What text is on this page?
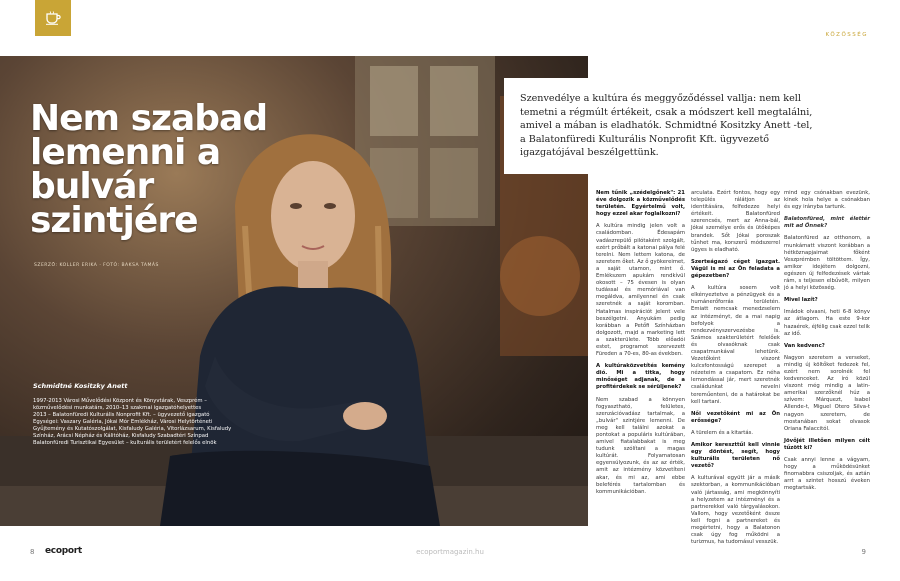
KÖZÖSSÉG
Nem szabad lemenni a bulvár szintjére
SZERZŐ: KOLLER ERIKA · FOTÓ: BAKSA TAMÁS
Schmidtné Kositzky Anett

1997-2013 Városi Művelődési Központ és Könyvtárak, Veszprém – közművelődési munkatárs, 2010–13 szakmai igazgatóhelyettes

2013 – Balatonfüredi Kulturális Nonprofit Kft. – ügyvezető igazgató

Egységei: Vaszary Galéria, Jókai Mór Emlékház, Városi Helytörténeti Gyűjtemény és Kutatószolgálat, Kisfaludy Galéria, Vitorlázsarum, Kisfaludy Színház, Arácsi Népház és Kálitóház, Kisfaludy Szabadtéri Színpad

Balatonfüredi Turisztikai Egyesület – kulturális területért felelős elnök

Szenvedélye a kultúra és meggyőződéssel vallja: nem kell temetni a régmúlt értékeit, csak a módszert kell megtalálni, amivel a mában is eladhatók. Schmidtné Kositzky Anett -tel, a Balatonfüredi Kulturális Nonprofit Kft. ügyvezető igazgatójával beszélgettünk.

Nem tűnik „szédelgőnek": 21 éve dolgozik a közművelődés területén. Egyértelmű volt, hogy ezzel akar foglalkozni?

A kultúra mindig jelen volt a családomban. Édesapám vadászrepülő pilótaként szolgált, ezért prőbált a katonai pálya felé terelni. Nem lettem katona, de szeretem őket. Az ő gyökereimet, a saját utamon, mint ő. Emlékszem apukám rendkívül okosott – 75 évesen is olyan tudással és memóriával van megáldva, amilyennel én csak szeretnék a saját koromban. Hatalmas inspirációt jelent vele beszélgetni. Anyukám pedig korábban a Petőfi Színházban dolgozott, majd a marketing lett a szakterülete. Több előadói estet, programot szervezett Füreden a 70-es, 80-as években.

A kultúraközvetítés kemény dió. Mi a titka, hogy minőséget adjanak, de a profitérdekek se sérüljenek?

Nem szabad a könnyen fogyasztható, felületes, szenzációvadász tartalmak, a „bulvár" szintjére lemenni. De meg kell találni azokat a pontokat a populáris kultúrában, amivel fiatalabbakat is meg tudunk szólítani a magas kultúrát. Folyamatosan egyensúlyozunk, és az az érték, amit az intézmény közvetíteni akar, és mi az, ami ebbe beleférés tartalomban és kommunikációban.

arculata. Ezért fontos, hogy egy település rálátjon az identitására, felfedezze helyi értékeit. Balatonfüred szerencsés, mert az Anna-bál, Jókai személye erős és ütőképes brandek. Sőt Jókai poroszak tűnhet ma, korszerű módszerrel ügyes is eladható.

Szerteágazó céget igazgat. Vágül is mi az Ön feladata a gépezetben?

A kultúra sosem volt elkényeztetve a pénzügyek és a humánerőforrás területén. Emiatt nemcsak menedzselem az intézményt, de a mai napig befolyok a rendezvényszervezésbe is. Számos szakterületért felelőek és olvasóknak csak csapatmunkával lehetünk. Vezetőként viszont kulcsfontosságú szerepet a nézeteim a csapatom. Ez néha lemondással jár, mert szeretnék családunkat nevelni tereműenteni, de a határokat be kell tartani.

Női vezetőként mi az Ön erőssége?

A türelem és a kitartás.

Amikor kereszttűl kell vinnie egy döntést, segít, hogy kulturális területen nő vezető?

A kulturával együtt jár a másik szektorban, a kommunikációban való jártasság, ami megkönnyíti a helyzetem az intézményi és a partnerekkel való tárgyalásokon. Vallom, hogy vezetőként össze kell fogni a partnereket és megértetni, hogy a Balatonon csak úgy fog működni a turizmus, ha tudomásul vesszük.

mind egy csónakban evezünk, kinek hola helye a csónakban és egy irányba tartunk.

Balatonfüred, mint élettér mit ad Önnek?

Balatonfüred az otthonom, a munkámatt viszont korábban a hétköznapjaimat főként Veszprémben töltöttem. Így, amikor idejétem dolgozni, egészen új felfedezések vártak rám, s teljesen elbűvölt, milyen jó a helyi közösség.

Mivel lazít?

Imádok olvasni, heti 6-8 könyv az átlagom. Ha este 9-kor hazaérek, éjfélig csak ezzel telik az idő.

Van kedvenc?

Nagyon szeretem a verseket, mindig új költőket fedezek fel, ezért nem sorolnék fel kedvenceket. Az író közül viszont még mindig a latin-amerikai szerzőknél húz a szívem: Márquezt, Isabel Allende-t, Miguel Otero Silva-t nagyon szeretem, de mostanában sokat olvasok Oriana Falaccitól.

Jövőjét illetően milyen célt tűzött ki?

Csak annyi lenne a vágyam, hogy a működésünket finomabbra csiszoljak, és aztán arrt a szintet hosszú éveken megtartsák.

8 ecoport	ecoportmagazin.hu	9
